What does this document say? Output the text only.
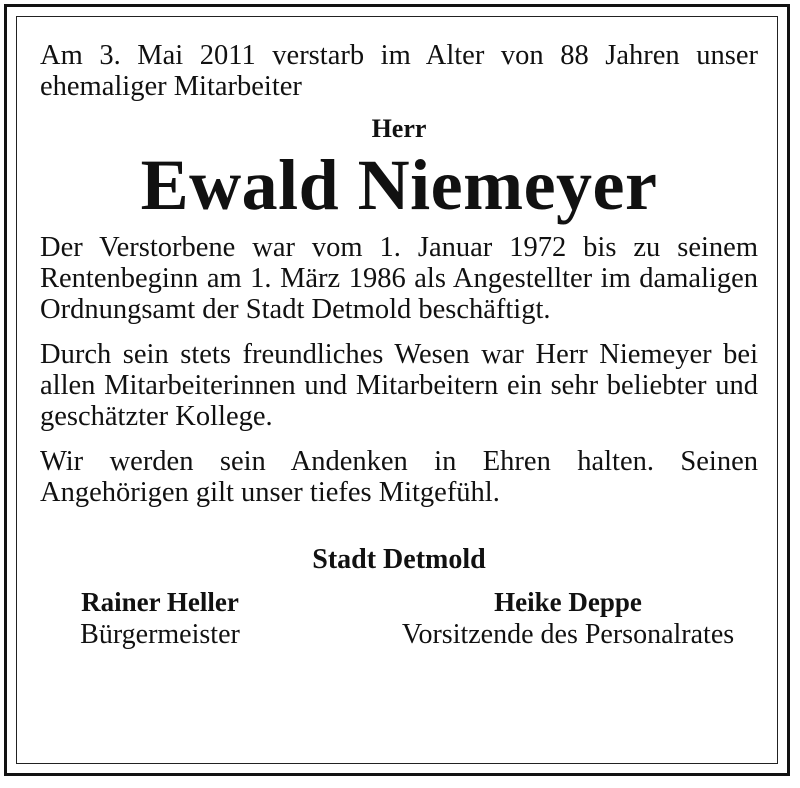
Am 3. Mai 2011 verstarb im Alter von 88 Jahren unser ehemaliger Mitarbeiter

Herr
Ewald Niemeyer

Der Verstorbene war vom 1. Januar 1972 bis zu seinem Rentenbeginn am 1. März 1986 als Angestellter im damaligen Ordnungsamt der Stadt Detmold beschäftigt.

Durch sein stets freundliches Wesen war Herr Niemeyer bei allen Mitarbeiterinnen und Mitarbeitern ein sehr beliebter und geschätzter Kollege.

Wir werden sein Andenken in Ehren halten. Seinen Angehörigen gilt unser tiefes Mitgefühl.

Stadt Detmold
Rainer Heller
Bürgermeister
Heike Deppe
Vorsitzende des Personalrates
